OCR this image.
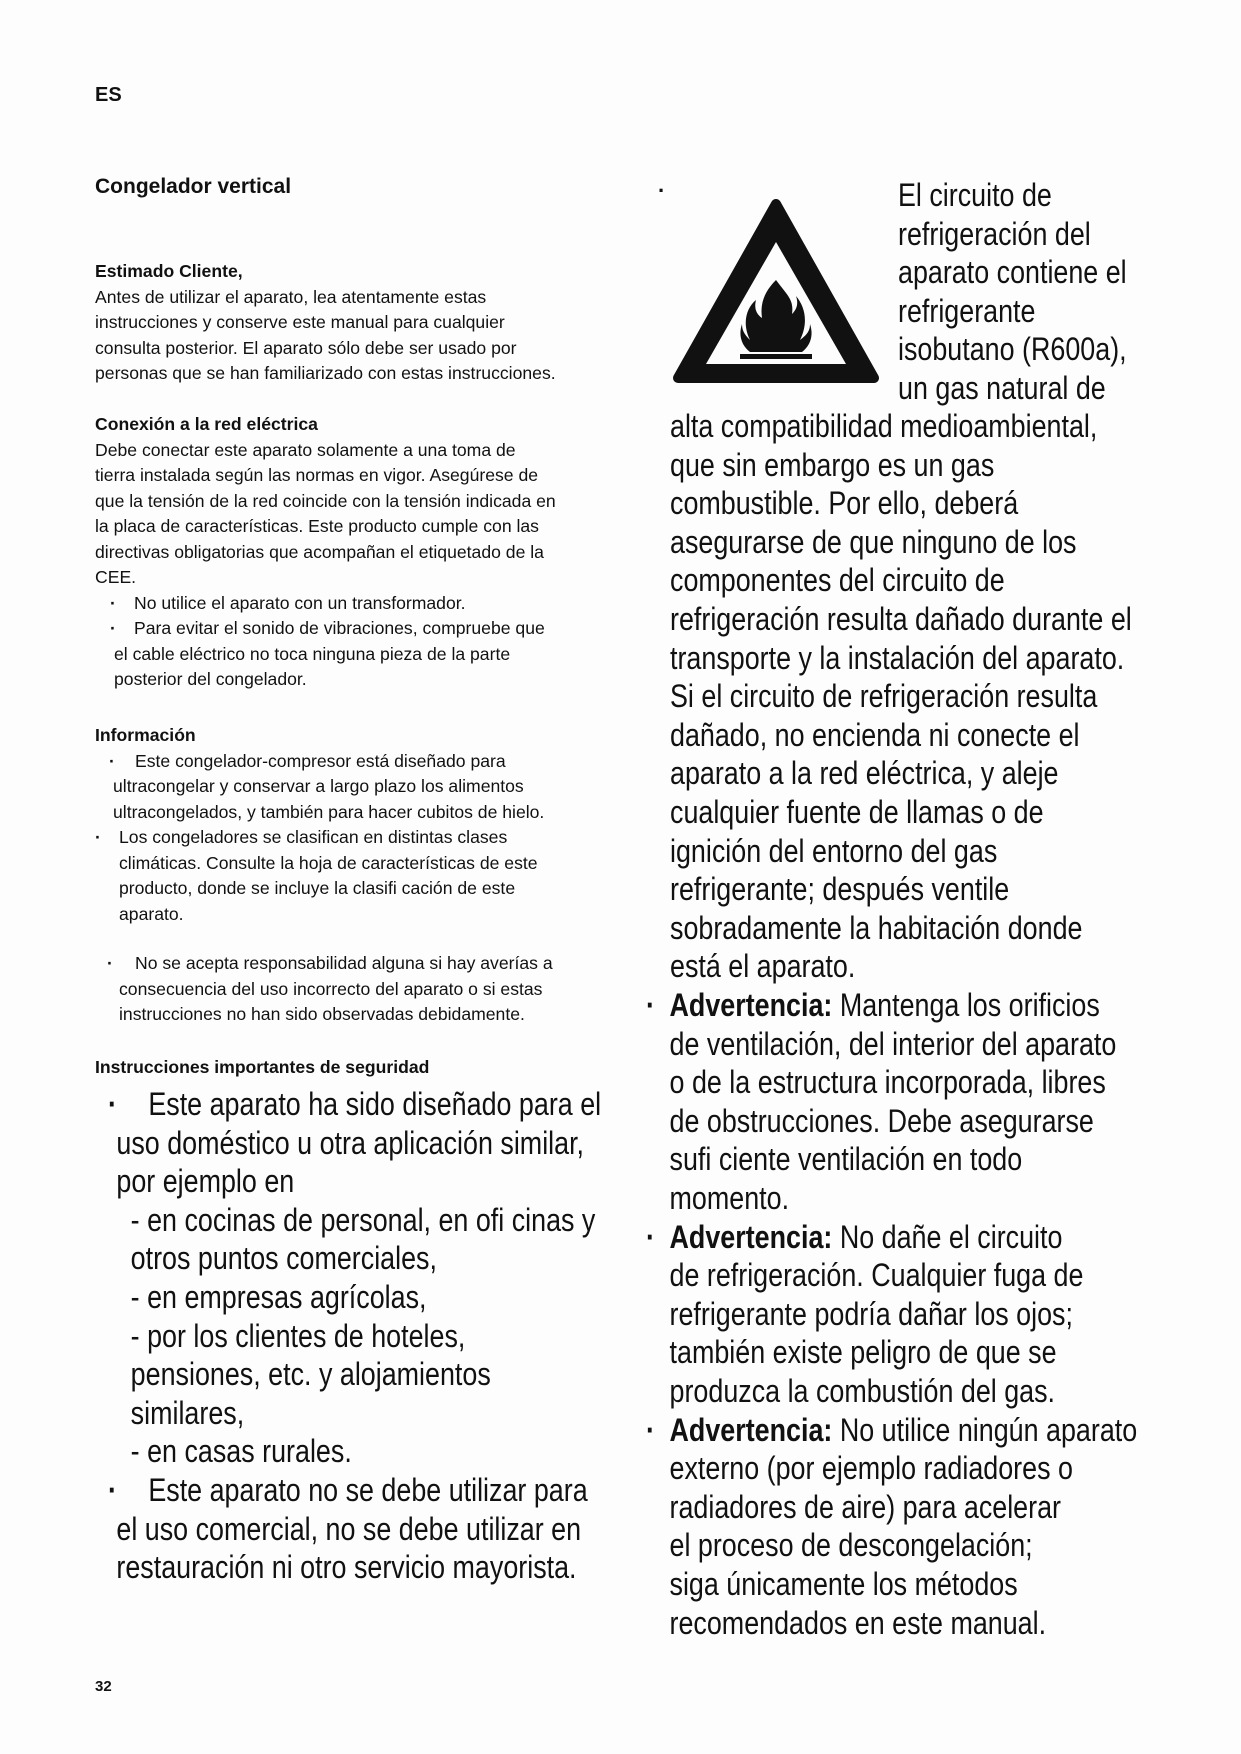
ES
Congelador vertical
Estimado Cliente,
Antes de utilizar el aparato, lea atentamente estas
instrucciones y conserve este manual para cualquier
consulta posterior. El aparato sólo debe ser usado por
personas que se han familiarizado con estas instrucciones.
Conexión a la red eléctrica
Debe conectar este aparato solamente a una toma de
tierra instalada según las normas en vigor. Asegúrese de
que la tensión de la red coincide con la tensión indicada en
la placa de características. Este producto cumple con las
directivas obligatorias que acompañan el etiquetado de la
CEE.
·	No utilice el aparato con un transformador.
·	Para evitar el sonido de vibraciones, compruebe que
el cable eléctrico no toca ninguna pieza de la parte
posterior del congelador.
Información
·	Este congelador-compresor está diseñado para
ultracongelar y conservar a largo plazo los alimentos
ultracongelados, y también para hacer cubitos de hielo.
·	Los congeladores se clasifican en distintas clases
climáticas. Consulte la hoja de características de este
producto, donde se incluye la clasifi cación de este
aparato.
·	No se acepta responsabilidad alguna si hay averías a
consecuencia del uso incorrecto del aparato o si estas
instrucciones no han sido observadas debidamente.
Instrucciones importantes de seguridad
· Este aparato ha sido diseñado para el
uso doméstico u otra aplicación similar,
por ejemplo en
- en cocinas de personal, en ofi cinas y
otros puntos comerciales,
- en empresas agrícolas,
- por los clientes de hoteles,
pensiones, etc. y alojamientos
similares,
- en casas rurales.
· Este aparato no se debe utilizar para
el uso comercial, no se debe utilizar en
restauración ni otro servicio mayorista.
·	El circuito de
refrigeración del
aparato contiene el
refrigerante
isobutano (R600a),
un gas natural de
alta compatibilidad medioambiental,
que sin embargo es un gas
combustible. Por ello, deberá
asegurarse de que ninguno de los
componentes del circuito de
refrigeración resulta dañado durante el
transporte y la instalación del aparato.
Si el circuito de refrigeración resulta
dañado, no encienda ni conecte el
aparato a la red eléctrica, y aleje
cualquier fuente de llamas o de
ignición del entorno del gas
refrigerante; después ventile
sobradamente la habitación donde
está el aparato.
· Advertencia: Mantenga los orificios
de ventilación, del interior del aparato
o de la estructura incorporada, libres
de obstrucciones. Debe asegurarse
sufi ciente ventilación en todo
momento.
· Advertencia: No dañe el circuito
de refrigeración. Cualquier fuga de
refrigerante podría dañar los ojos;
también existe peligro de que se
produzca la combustión del gas.
· Advertencia: No utilice ningún aparato
externo (por ejemplo radiadores o
radiadores de aire) para acelerar
el proceso de descongelación;
siga únicamente los métodos
recomendados en este manual.
32
